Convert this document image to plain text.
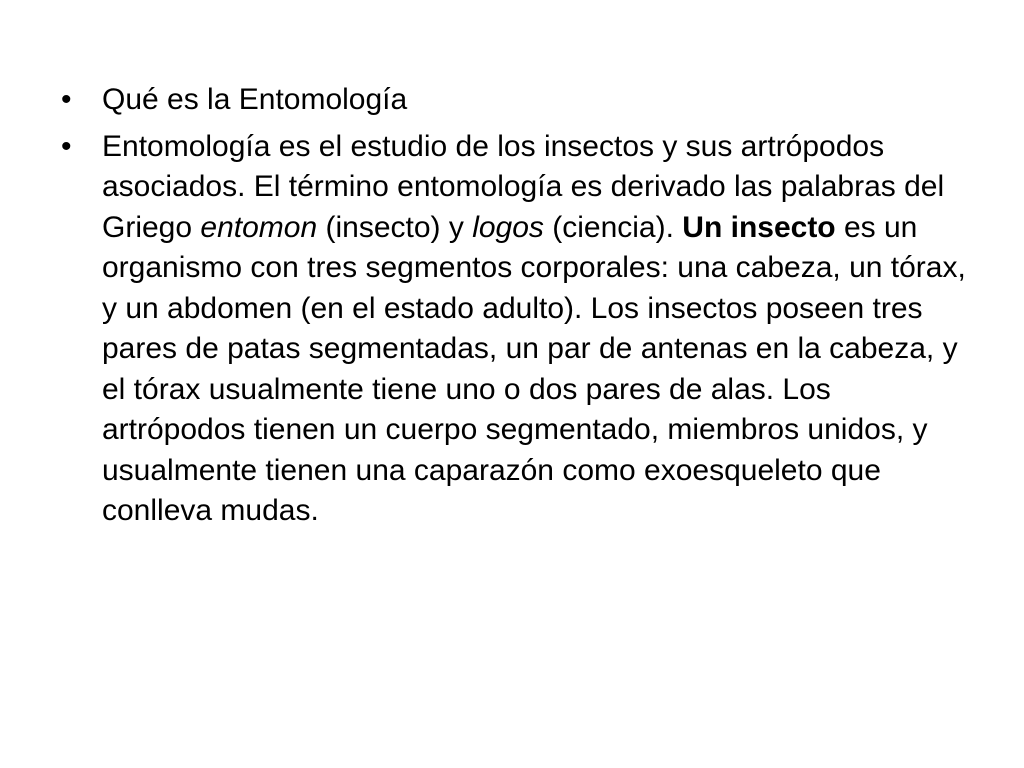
• Qué es la Entomología
• Entomología es el estudio de los insectos y sus artrópodos asociados. El término entomología es derivado las palabras del Griego entomon (insecto) y logos (ciencia). Un insecto es un organismo con tres segmentos corporales: una cabeza, un tórax, y un abdomen (en el estado adulto). Los insectos poseen tres pares de patas segmentadas, un par de antenas en la cabeza, y el tórax usualmente tiene uno o dos pares de alas. Los artrópodos tienen un cuerpo segmentado, miembros unidos, y usualmente tienen una caparazón como exoesqueleto que conlleva mudas.
